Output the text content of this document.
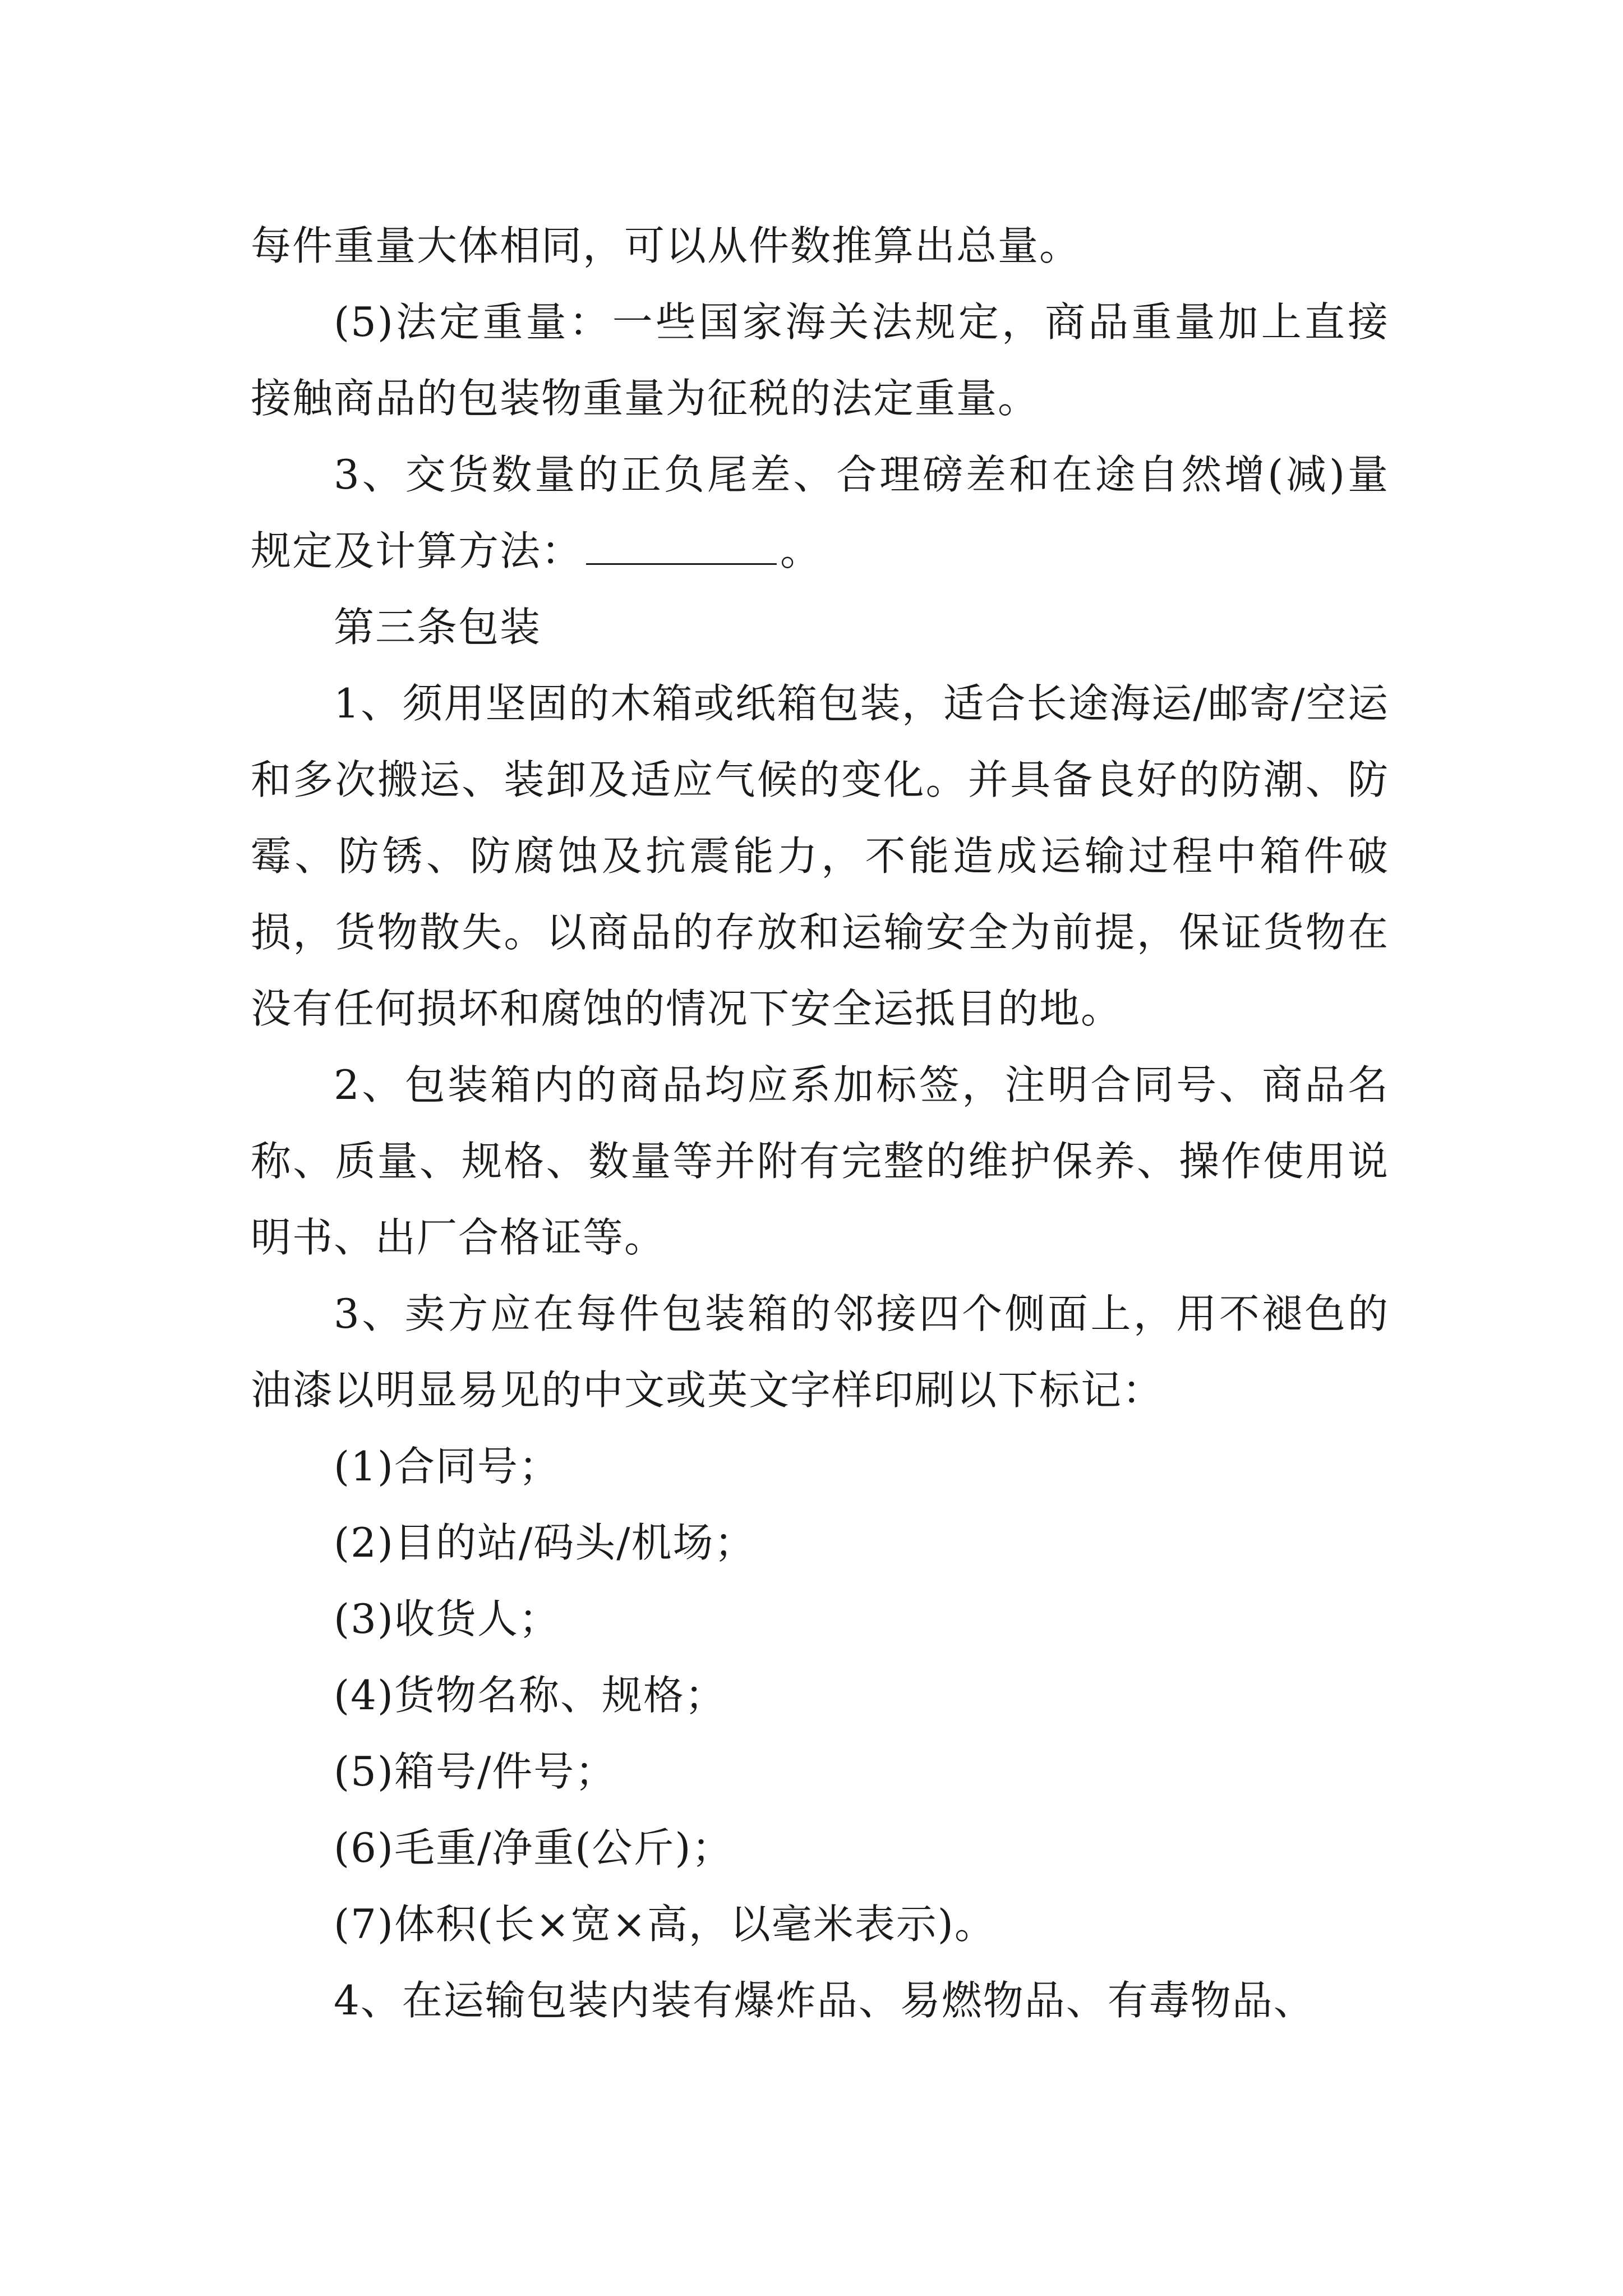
每件重量大体相同，可以从件数推算出总量。

(5)法定重量：一些国家海关法规定，商品重量加上直接接触商品的包装物重量为征税的法定重量。

3、交货数量的正负尾差、合理磅差和在途自然增(减)量规定及计算方法：	。

第三条包装

1、须用坚固的木箱或纸箱包装，适合长途海运/邮寄/空运和多次搬运、装卸及适应气候的变化。并具备良好的防潮、防霉、防锈、防腐蚀及抗震能力，不能造成运输过程中箱件破损，货物散失。以商品的存放和运输安全为前提，保证货物在没有任何损坏和腐蚀的情况下安全运抵目的地。

2、包装箱内的商品均应系加标签，注明合同号、商品名称、质量、规格、数量等并附有完整的维护保养、操作使用说明书、出厂合格证等。

3、卖方应在每件包装箱的邻接四个侧面上，用不褪色的油漆以明显易见的中文或英文字样印刷以下标记：

(1)合同号；

(2)目的站/码头/机场；

(3)收货人；

(4)货物名称、规格；

(5)箱号/件号；

(6)毛重/净重(公斤)；

(7)体积(长×宽×高，以毫米表示)。

4、在运输包装内装有爆炸品、易燃物品、有毒物品、
